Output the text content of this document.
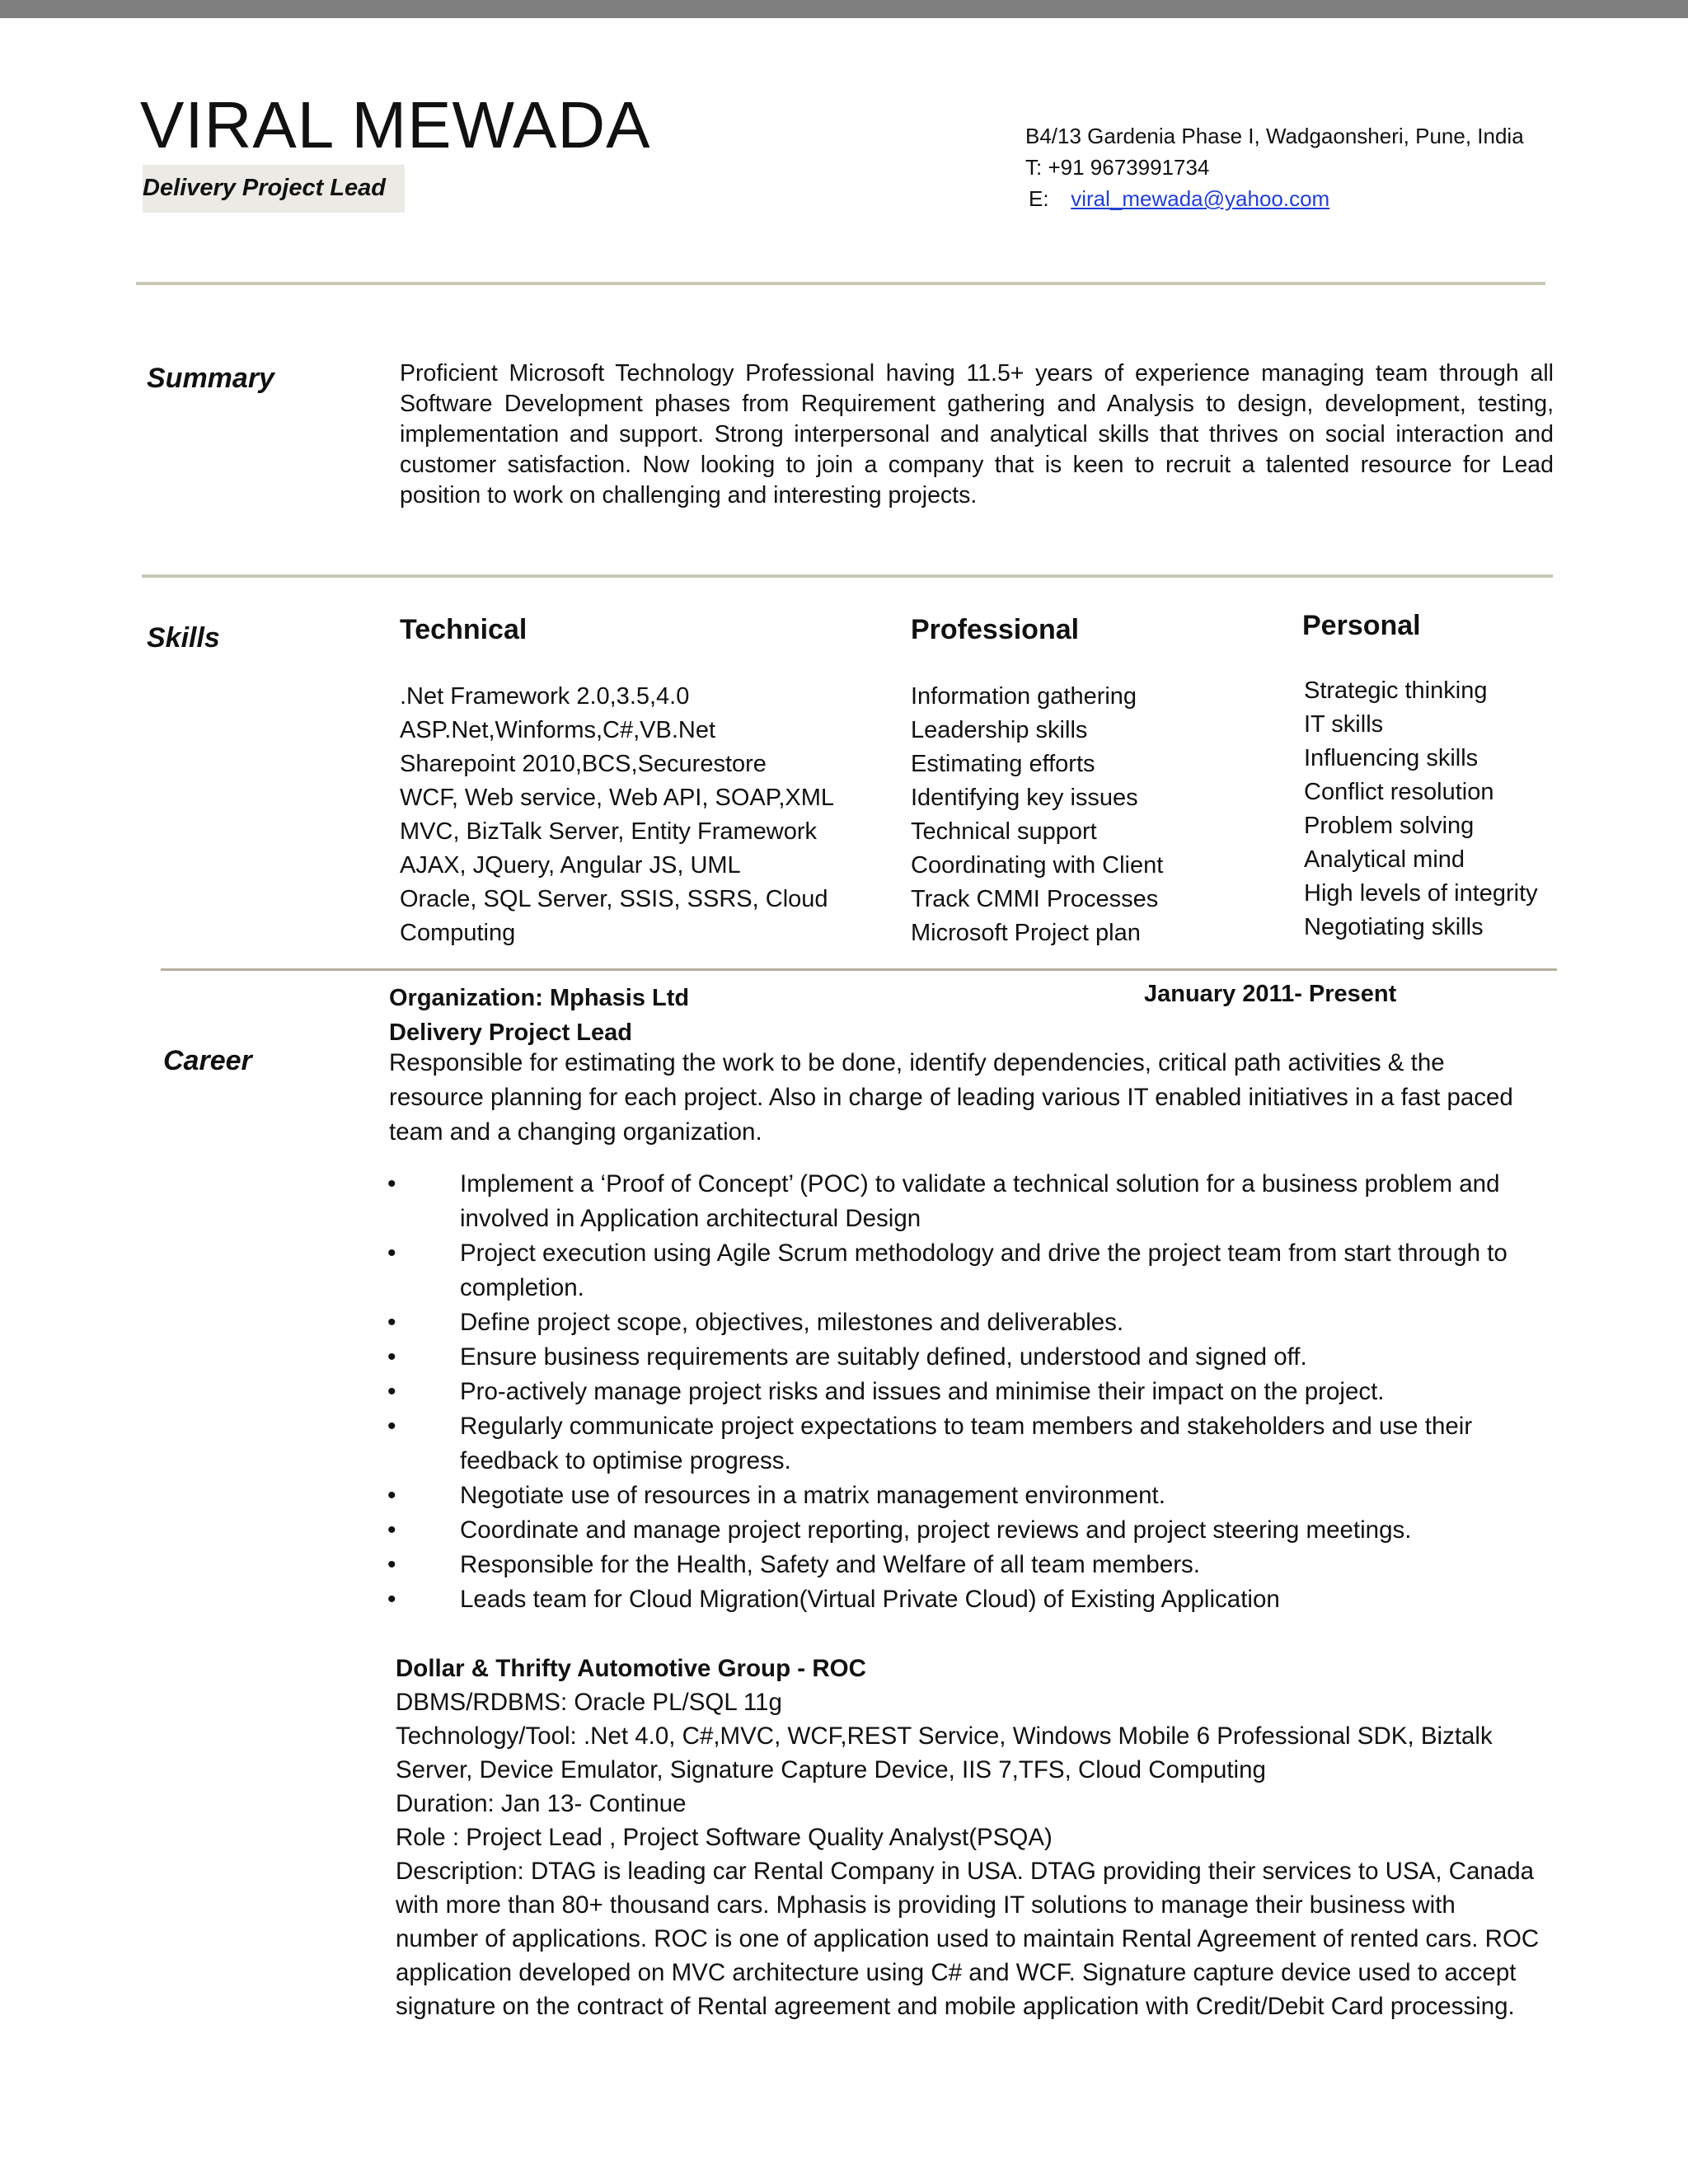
VIRAL MEWADA
Delivery Project Lead
B4/13 Gardenia Phase I, Wadgaonsheri, Pune, India
T: +91 9673991734
E: viral_mewada@yahoo.com
Summary	Proficient Microsoft Technology Professional having 11.5+ years of experience managing team through all Software Development phases from Requirement gathering and Analysis to design, development, testing, implementation and support. Strong interpersonal and analytical skills that thrives on social interaction and customer satisfaction. Now looking to join a company that is keen to recruit a talented resource for Lead position to work on challenging and interesting projects.
Skills	Technical
.Net Framework 2.0,3.5,4.0
ASP.Net,Winforms,C#,VB.Net
Sharepoint 2010,BCS,Securestore
WCF, Web service, Web API, SOAP,XML
MVC, BizTalk Server, Entity Framework
AJAX, JQuery, Angular JS, UML
Oracle, SQL Server, SSIS, SSRS, Cloud
Computing
Professional
Information gathering
Leadership skills
Estimating efforts
Identifying key issues
Technical support
Coordinating with Client
Track CMMI Processes
Microsoft Project plan
Personal
Strategic thinking
IT skills
Influencing skills
Conflict resolution
Problem solving
Analytical mind
High levels of integrity
Negotiating skills
Career
Organization: Mphasis Ltd
Delivery Project Lead
January 2011- Present
Responsible for estimating the work to be done, identify dependencies, critical path activities & the resource planning for each project. Also in charge of leading various IT enabled initiatives in a fast paced team and a changing organization.
• Implement a ‘Proof of Concept’ (POC) to validate a technical solution for a business problem and involved in Application architectural Design
• Project execution using Agile Scrum methodology and drive the project team from start through to completion.
• Define project scope, objectives, milestones and deliverables.
• Ensure business requirements are suitably defined, understood and signed off.
• Pro-actively manage project risks and issues and minimise their impact on the project.
• Regularly communicate project expectations to team members and stakeholders and use their feedback to optimise progress.
• Negotiate use of resources in a matrix management environment.
• Coordinate and manage project reporting, project reviews and project steering meetings.
• Responsible for the Health, Safety and Welfare of all team members.
• Leads team for Cloud Migration(Virtual Private Cloud) of Existing Application
Dollar & Thrifty Automotive Group - ROC
DBMS/RDBMS: Oracle PL/SQL 11g
Technology/Tool: .Net 4.0, C#,MVC, WCF,REST Service, Windows Mobile 6 Professional SDK, Biztalk Server, Device Emulator, Signature Capture Device, IIS 7,TFS, Cloud Computing
Duration: Jan 13- Continue
Role : Project Lead , Project Software Quality Analyst(PSQA)
Description: DTAG is leading car Rental Company in USA. DTAG providing their services to USA, Canada with more than 80+ thousand cars. Mphasis is providing IT solutions to manage their business with number of applications. ROC is one of application used to maintain Rental Agreement of rented cars. ROC application developed on MVC architecture using C# and WCF. Signature capture device used to accept signature on the contract of Rental agreement and mobile application with Credit/Debit Card processing.
